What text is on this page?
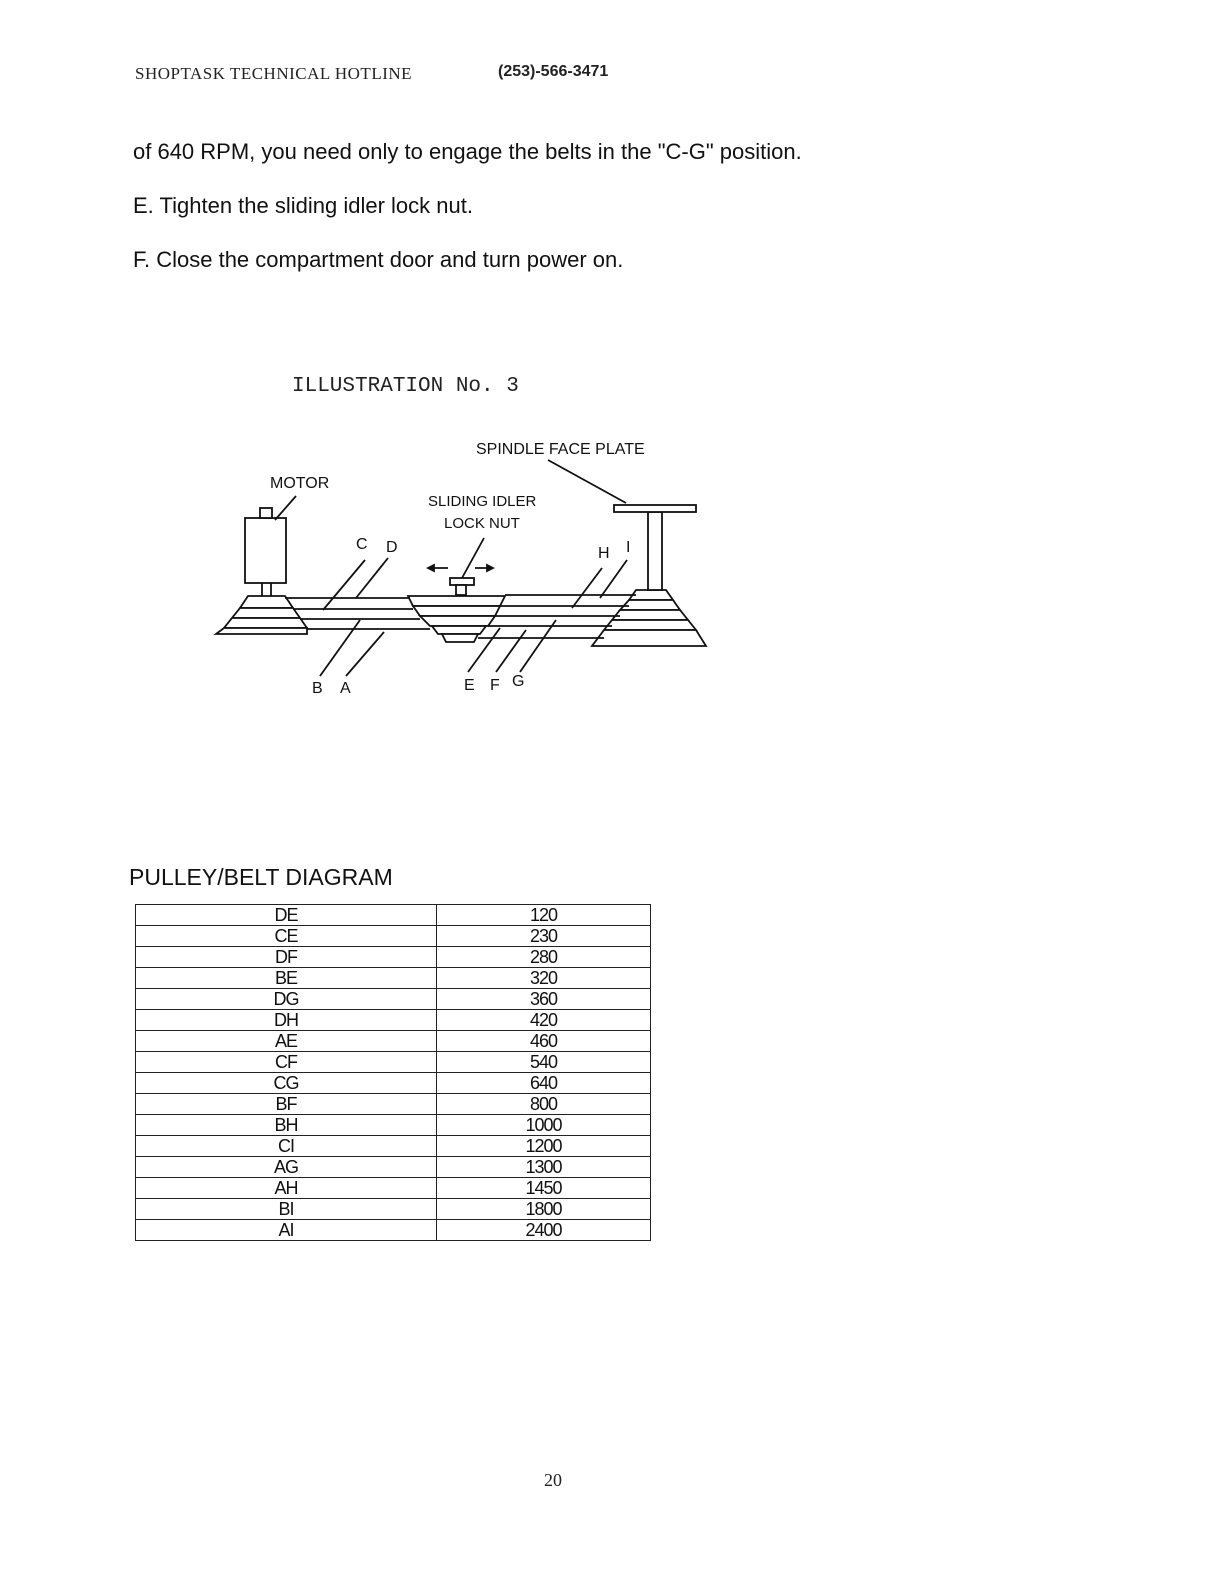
SHOPTASK TECHNICAL HOTLINE	(253)-566-3471
of 640 RPM, you need only to engage the belts in the "C-G" position.
E. Tighten the sliding idler lock nut.
F. Close the compartment door and turn power on.
ILLUSTRATION No. 3
MOTOR
SPINDLE FACE PLATE
SLIDING IDLER
LOCK NUT
C D	H I
B A	E F G
PULLEY/BELT DIAGRAM
DE	120
CE	230
DF	280
BE	320
DG	360
DH	420
AE	460
CF	540
CG	640
BF	800
BH	1000
CI	1200
AG	1300
AH	1450
BI	1800
AI	2400
20
